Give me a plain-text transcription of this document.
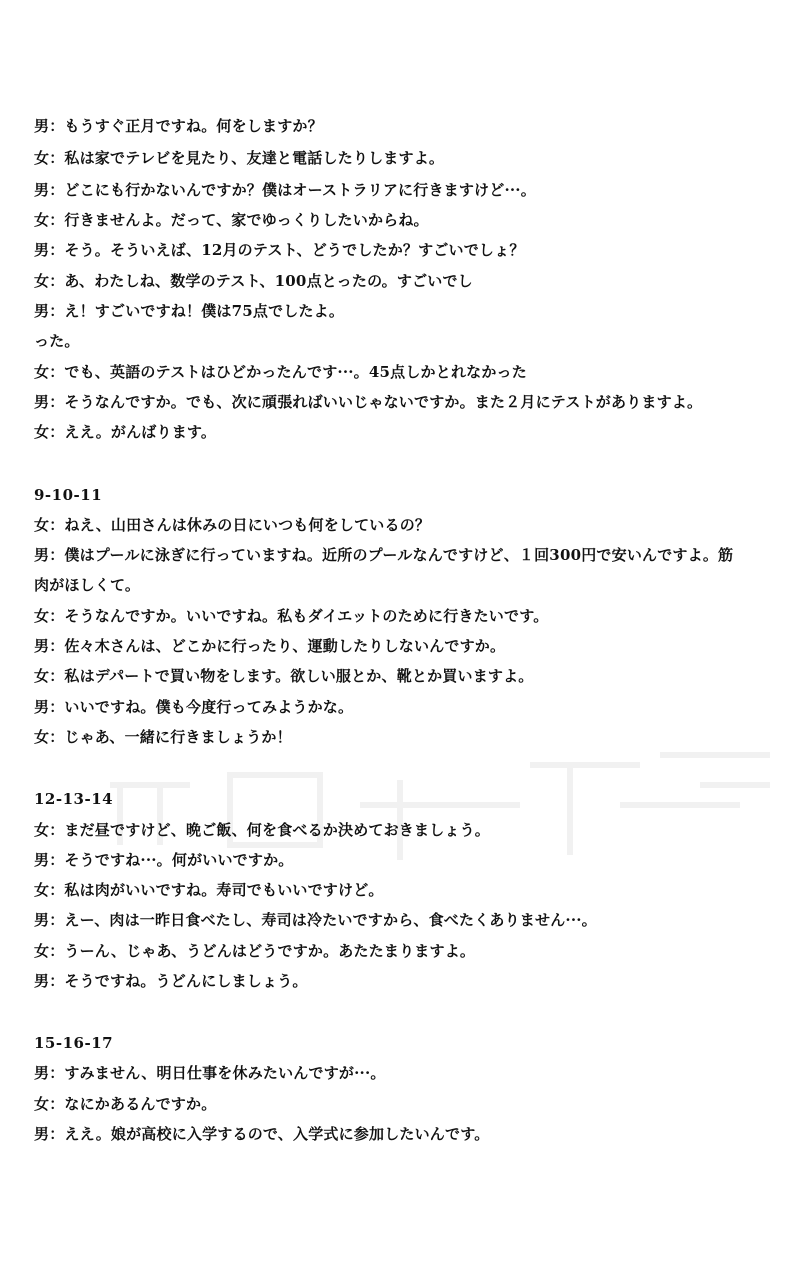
男：もうすぐ正月ですね。何をしますか？
女：私は家でテレビを見たり、友達と電話したりしますよ。
男：どこにも行かないんですか？僕はオーストラリアに行きますけど···。
女：行きませんよ。だって、家でゆっくりしたいからね。
男：そう。そういえば、12月のテスト、どうでしたか？すごいでしょ？
女：あ、わたしね、数学のテスト、100点とったの。すごいでし
男：え！すごいですね！僕は75点でしたよ。
った。
女：でも、英語のテストはひどかったんです···。45点しかとれなかった
男：そうなんですか。でも、次に頑張ればいいじゃないですか。また２月にテストがありますよ。
女：ええ。がんばります。
9-10-11
女：ねえ、山田さんは休みの日にいつも何をしているの？
男：僕はプールに泳ぎに行っていますね。近所のプールなんですけど、１回300円で安いんですよ。筋
肉がほしくて。
女：そうなんですか。いいですね。私もダイエットのために行きたいです。
男：佐々木さんは、どこかに行ったり、運動したりしないんですか。
女：私はデパートで買い物をします。欲しい服とか、靴とか買いますよ。
男：いいですね。僕も今度行ってみようかな。
女：じゃあ、一緒に行きましょうか！
12-13-14
女：まだ昼ですけど、晩ご飯、何を食べるか決めておきましょう。
男：そうですね···。何がいいですか。
女：私は肉がいいですね。寿司でもいいですけど。
男：えー、肉は一昨日食べたし、寿司は冷たいですから、食べたくありません···。
女：うーん、じゃあ、うどんはどうですか。あたたまりますよ。
男：そうですね。うどんにしましょう。
15-16-17
男：すみません、明日仕事を休みたいんですが···。
女：なにかあるんですか。
男：ええ。娘が高校に入学するので、入学式に参加したいんです。
